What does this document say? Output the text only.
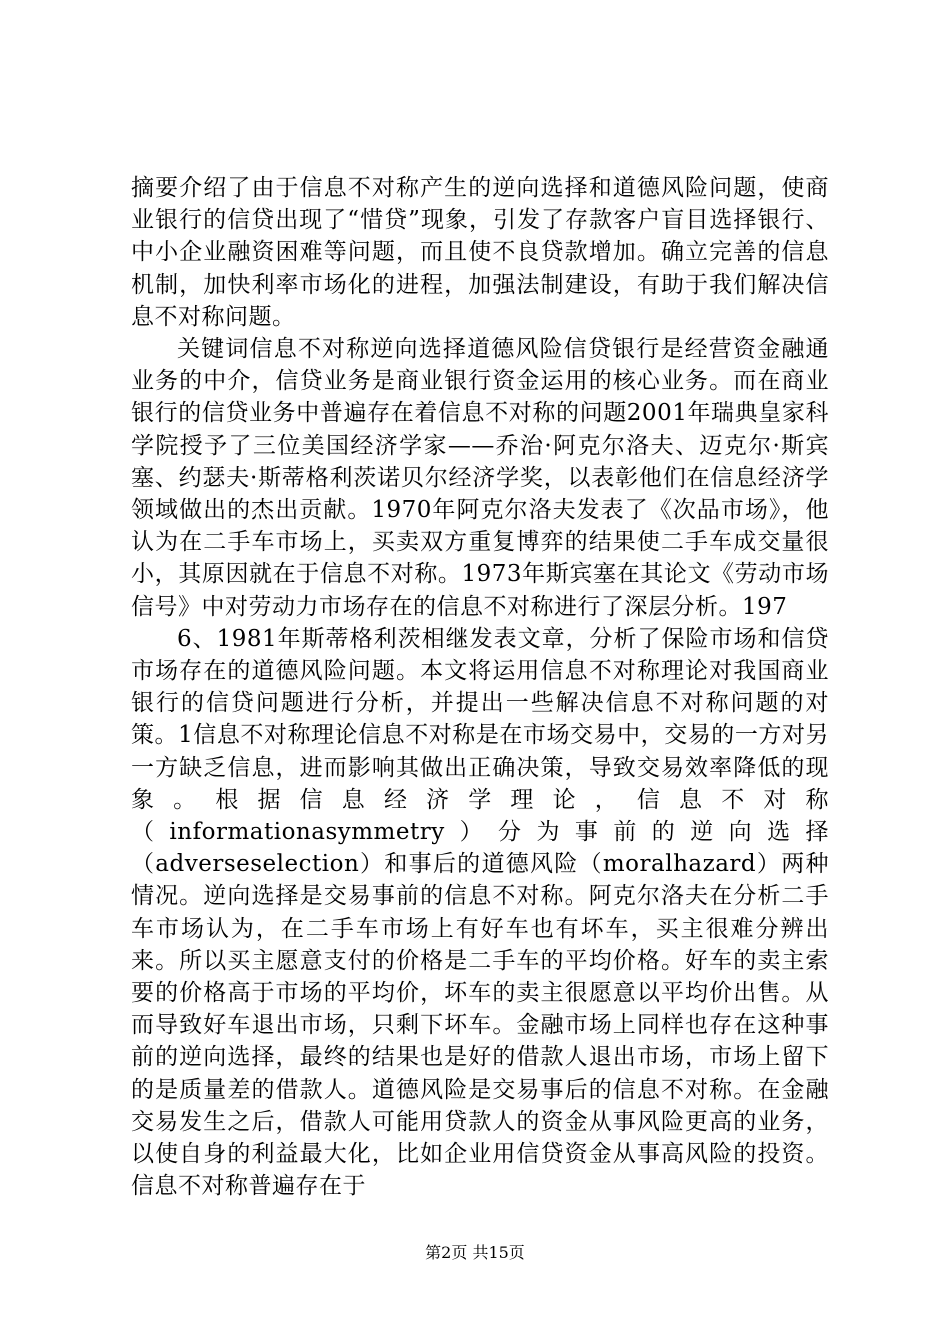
摘要介绍了由于信息不对称产生的逆向选择和道德风险问题，使商业银行的信贷出现了“惜贷”现象，引发了存款客户盲目选择银行、中小企业融资困难等问题，而且使不良贷款增加。确立完善的信息机制，加快利率市场化的进程，加强法制建设，有助于我们解决信息不对称问题。

关键词信息不对称逆向选择道德风险信贷银行是经营资金融通业务的中介，信贷业务是商业银行资金运用的核心业务。而在商业银行的信贷业务中普遍存在着信息不对称的问题2001年瑞典皇家科学院授予了三位美国经济学家——乔治·阿克尔洛夫、迈克尔·斯宾塞、约瑟夫·斯蒂格利茨诺贝尔经济学奖，以表彰他们在信息经济学领域做出的杰出贡献。1970年阿克尔洛夫发表了《次品市场》，他认为在二手车市场上，买卖双方重复博弈的结果使二手车成交量很小，其原因就在于信息不对称。1973年斯宾塞在其论文《劳动市场信号》中对劳动力市场存在的信息不对称进行了深层分析。197

6、1981年斯蒂格利茨相继发表文章，分析了保险市场和信贷市场存在的道德风险问题。本文将运用信息不对称理论对我国商业银行的信贷问题进行分析，并提出一些解决信息不对称问题的对策。1信息不对称理论信息不对称是在市场交易中，交易的一方对另一方缺乏信息，进而影响其做出正确决策，导致交易效率降低的现象。根据信息经济学理论，信息不对称（informationasymmetry）分为事前的逆向选择（adverseselection）和事后的道德风险（moralhazard）两种情况。逆向选择是交易事前的信息不对称。阿克尔洛夫在分析二手车市场认为，在二手车市场上有好车也有坏车，买主很难分辨出来。所以买主愿意支付的价格是二手车的平均价格。好车的卖主索要的价格高于市场的平均价，坏车的卖主很愿意以平均价出售。从而导致好车退出市场，只剩下坏车。金融市场上同样也存在这种事前的逆向选择，最终的结果也是好的借款人退出市场，市场上留下的是质量差的借款人。道德风险是交易事后的信息不对称。在金融交易发生之后，借款人可能用贷款人的资金从事风险更高的业务，以使自身的利益最大化，比如企业用信贷资金从事高风险的投资。信息不对称普遍存在于

第2页 共15页
